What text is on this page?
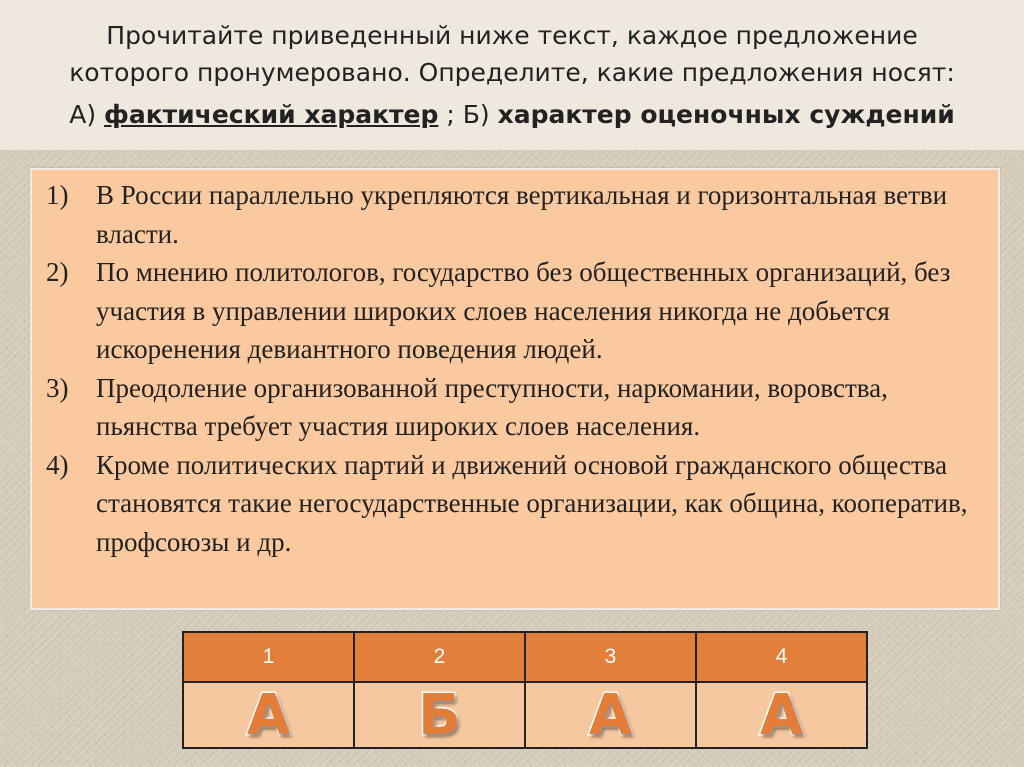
Прочитайте приведенный ниже текст, каждое предложение
которого пронумеровано. Определите, какие предложения носят:
А) фактический характер ; Б) характер оценочных суждений
1) В России параллельно укрепляются вертикальная и горизонтальная ветви власти.
2) По мнению политологов, государство без общественных организаций, без участия в управлении широких слоев населения никогда не добьется искоренения девиантного поведения людей.
3) Преодоление организованной преступности, наркомании, воровства, пьянства требует участия широких слоев населения.
4) Кроме политических партий и движений основой гражданского общества становятся такие негосударственные организации, как община, кооператив, профсоюзы и др.
1	2	3	4
А	Б	А	А
